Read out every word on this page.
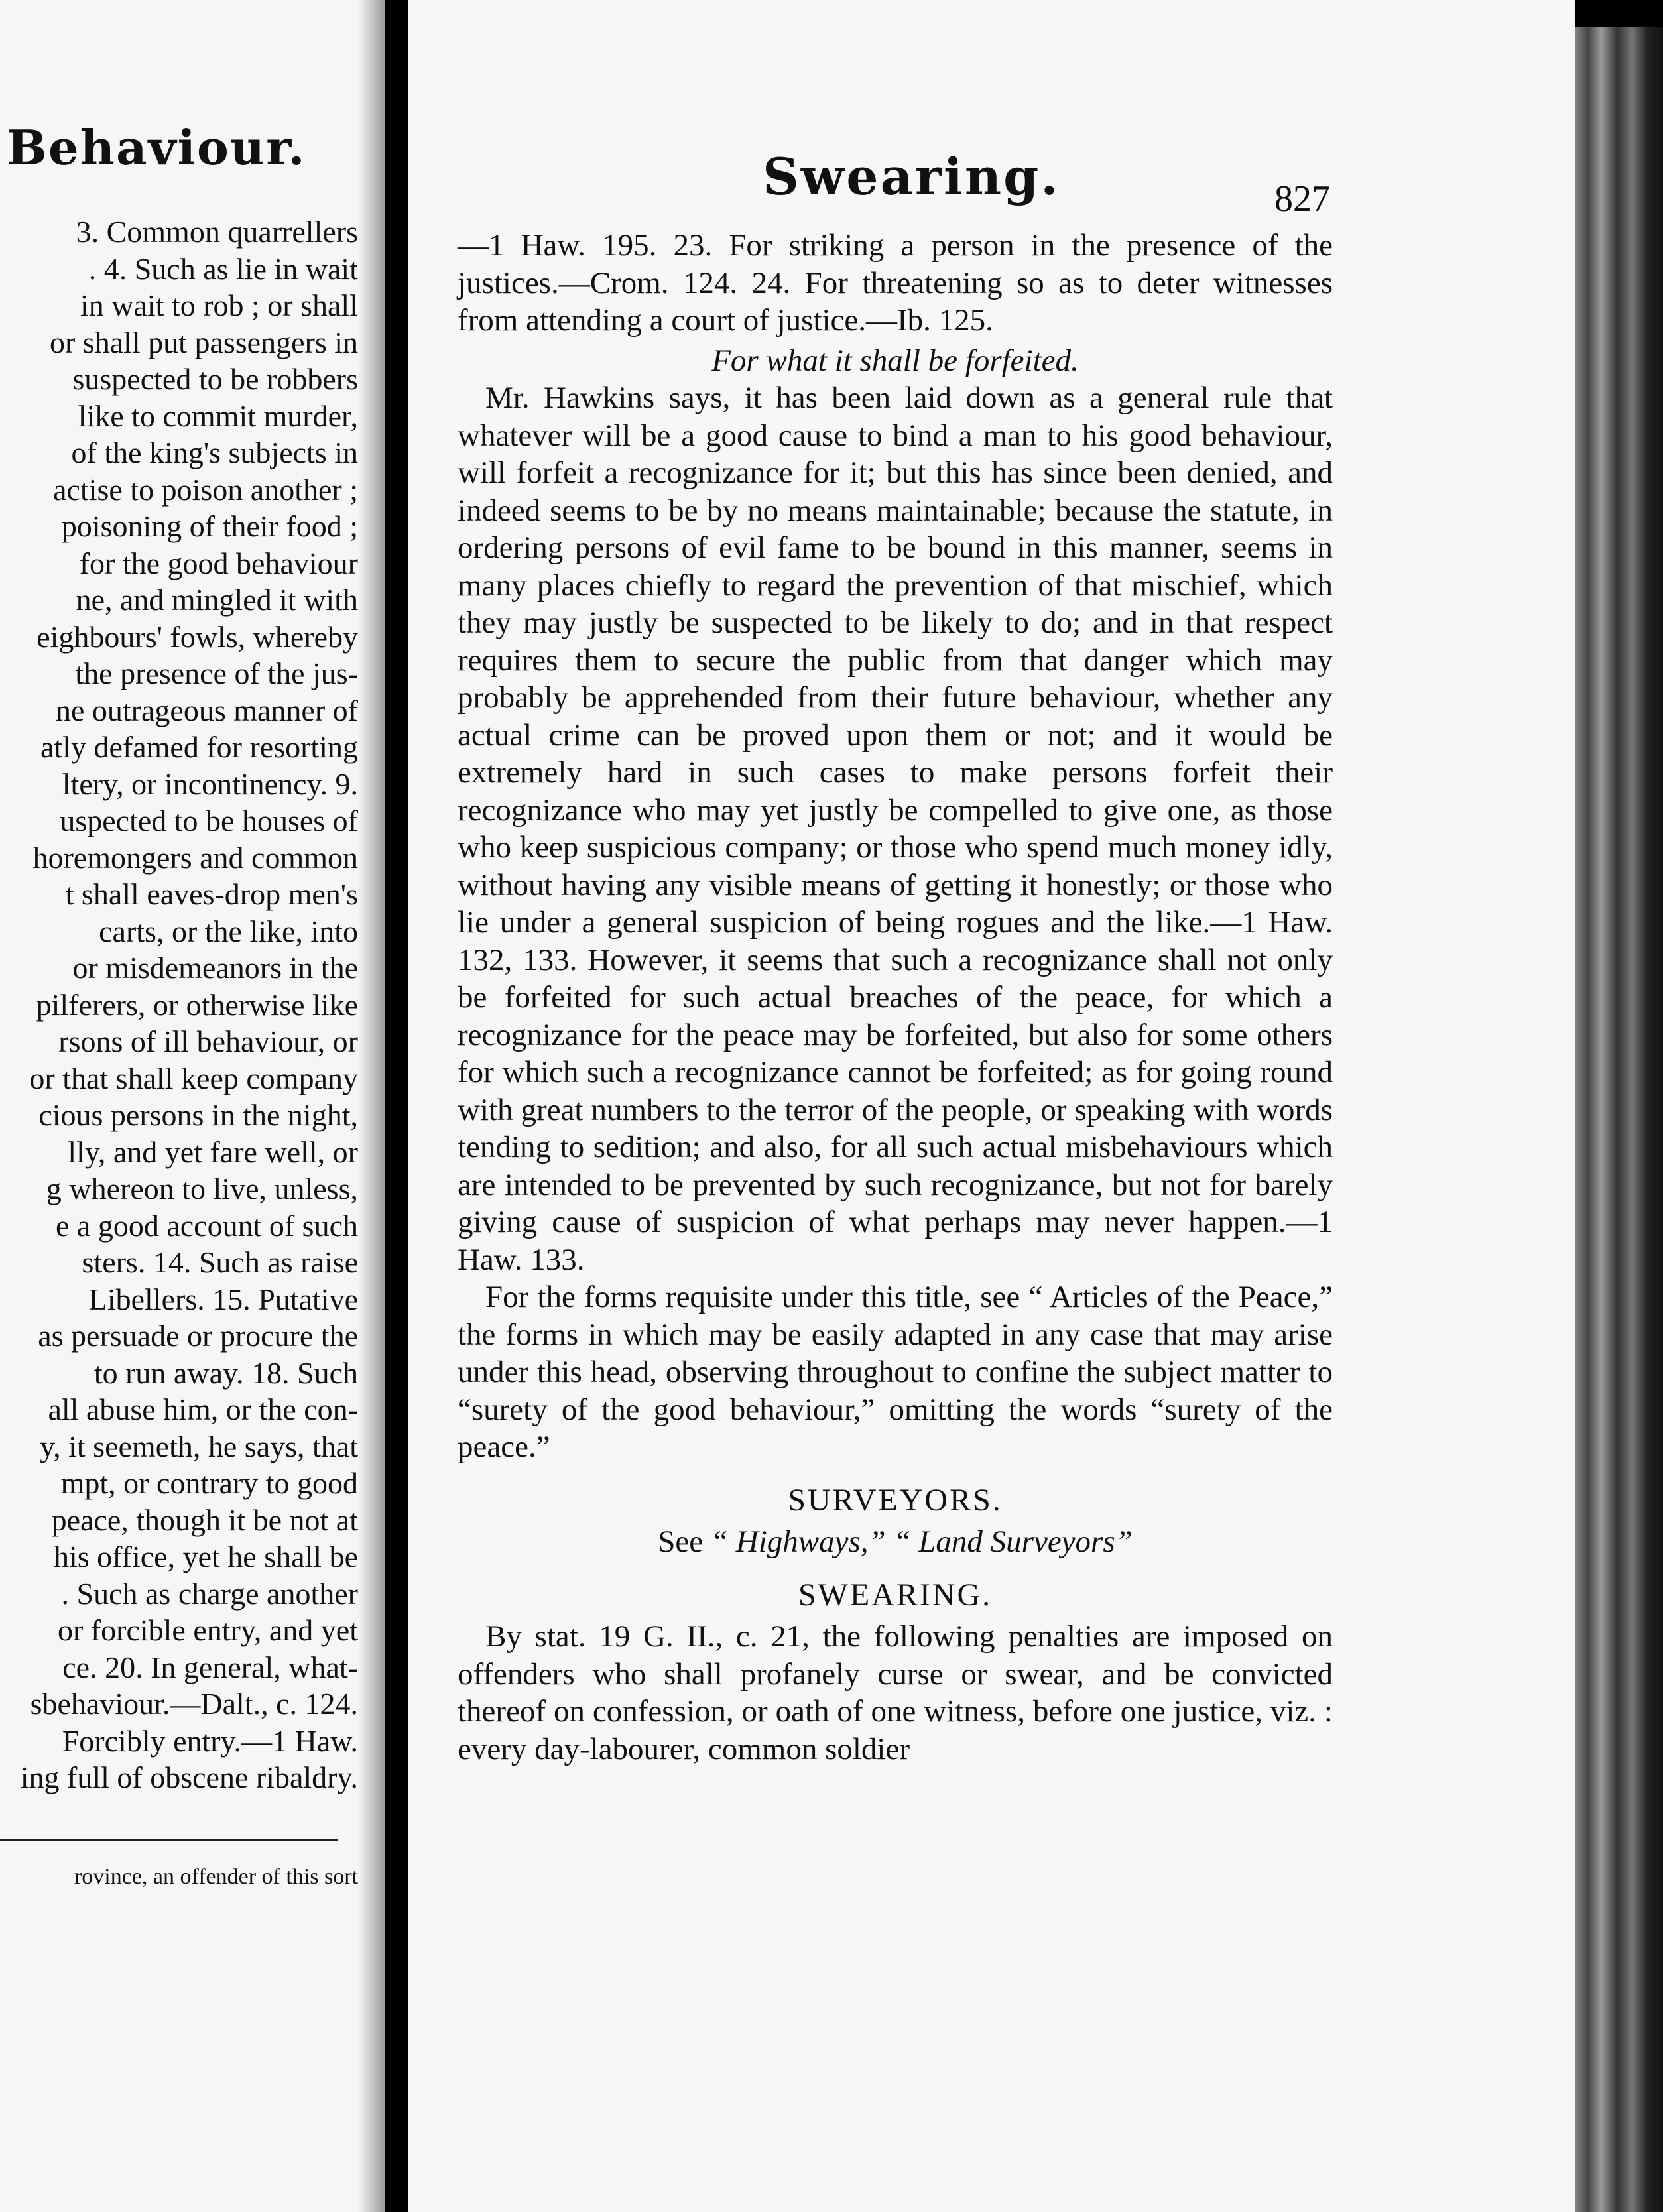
Behaviour.
3. Common quarrellers
. 4. Such as lie in wait
in wait to rob ; or shall
or shall put passengers in
suspected to be robbers
like to commit murder,
of the king's subjects in
actise to poison another ;
poisoning of their food ;
for the good behaviour
ne, and mingled it with
eighbours' fowls, whereby
the presence of the jus-
ne outrageous manner of
atly defamed for resorting
ltery, or incontinency. 9.
uspected to be houses of
horemongers and common
t shall eaves-drop men's
carts, or the like, into
or misdemeanors in the
pilferers, or otherwise like
rsons of ill behaviour, or
or that shall keep company
cious persons in the night,
lly, and yet fare well, or
g whereon to live, unless,
e a good account of such
sters. 14. Such as raise
Libellers. 15. Putative
as persuade or procure the
to run away. 18. Such
all abuse him, or the con-
y, it seemeth, he says, that
mpt, or contrary to good
peace, though it be not at
his office, yet he shall be
. Such as charge another
or forcible entry, and yet
ce. 20. In general, what-
sbehaviour.—Dalt., c. 124.
Forcibly entry.—1 Haw.
ing full of obscene ribaldry.
rovince, an offender of this sort
Swearing.	827

—1 Haw. 195. 23. For striking a person in the presence of the justices.—Crom. 124. 24. For threatening so as to deter witnesses from attending a court of justice.—Ib. 125.

For what it shall be forfeited.

Mr. Hawkins says, it has been laid down as a general rule that whatever will be a good cause to bind a man to his good behaviour, will forfeit a recognizance for it; but this has since been denied, and indeed seems to be by no means maintainable; because the statute, in ordering persons of evil fame to be bound in this manner, seems in many places chiefly to regard the prevention of that mischief, which they may justly be suspected to be likely to do; and in that respect requires them to secure the public from that danger which may probably be apprehended from their future behaviour, whether any actual crime can be proved upon them or not; and it would be extremely hard in such cases to make persons forfeit their recognizance who may yet justly be compelled to give one, as those who keep suspicious company; or those who spend much money idly, without having any visible means of getting it honestly; or those who lie under a general suspicion of being rogues and the like.—1 Haw. 132, 133. However, it seems that such a recognizance shall not only be forfeited for such actual breaches of the peace, for which a recognizance for the peace may be forfeited, but also for some others for which such a recognizance cannot be forfeited; as for going round with great numbers to the terror of the people, or speaking with words tending to sedition; and also, for all such actual misbehaviours which are intended to be prevented by such recognizance, but not for barely giving cause of suspicion of what perhaps may never happen.—1 Haw. 133.

For the forms requisite under this title, see “ Articles of the Peace,” the forms in which may be easily adapted in any case that may arise under this head, observing throughout to confine the subject matter to “surety of the good behaviour,” omitting the words “surety of the peace.”

SURVEYORS.

See “ Highways,” “ Land Surveyors”

SWEARING.

By stat. 19 G. II., c. 21, the following penalties are imposed on offenders who shall profanely curse or swear, and be convicted thereof on confession, or oath of one witness, before one justice, viz. : every day-labourer, common soldier
